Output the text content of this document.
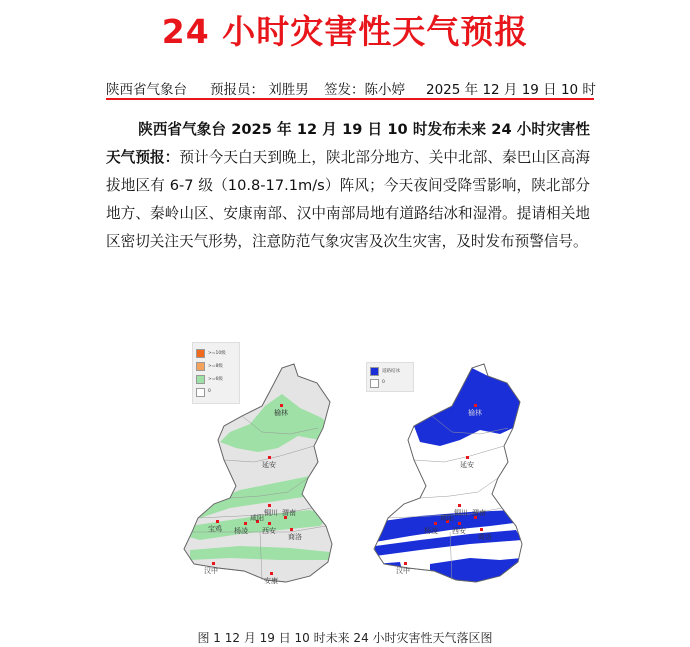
24 小时灾害性天气预报
陕西省气象台 预报员： 刘胜男 签发：陈小婷 2025 年 12 月 19 日 10 时
陕西省气象台 2025 年 12 月 19 日 10 时发布未来 24 小时灾害性天气预报：预计今天白天到晚上，陕北部分地方、关中北部、秦巴山区高海拔地区有 6-7 级（10.8-17.1m/s）阵风；今天夜间受降雪影响，陕北部分地方、秦岭山区、安康南部、汉中南部局地有道路结冰和湿滑。提请相关地区密切关注天气形势，注意防范气象灾害及次生灾害，及时发布预警信号。
榆林
延安
铜川
宝鸡 杨凌
咸阳
西安
渭南
商洛
汉中
安康
榆林
延安
铜川
杨凌
咸阳
西安
渭南
商洛
汉中
>=10级
>=8级
>=6级
0
道路结冰
0
图 1 12 月 19 日 10 时未来 24 小时灾害性天气落区图
